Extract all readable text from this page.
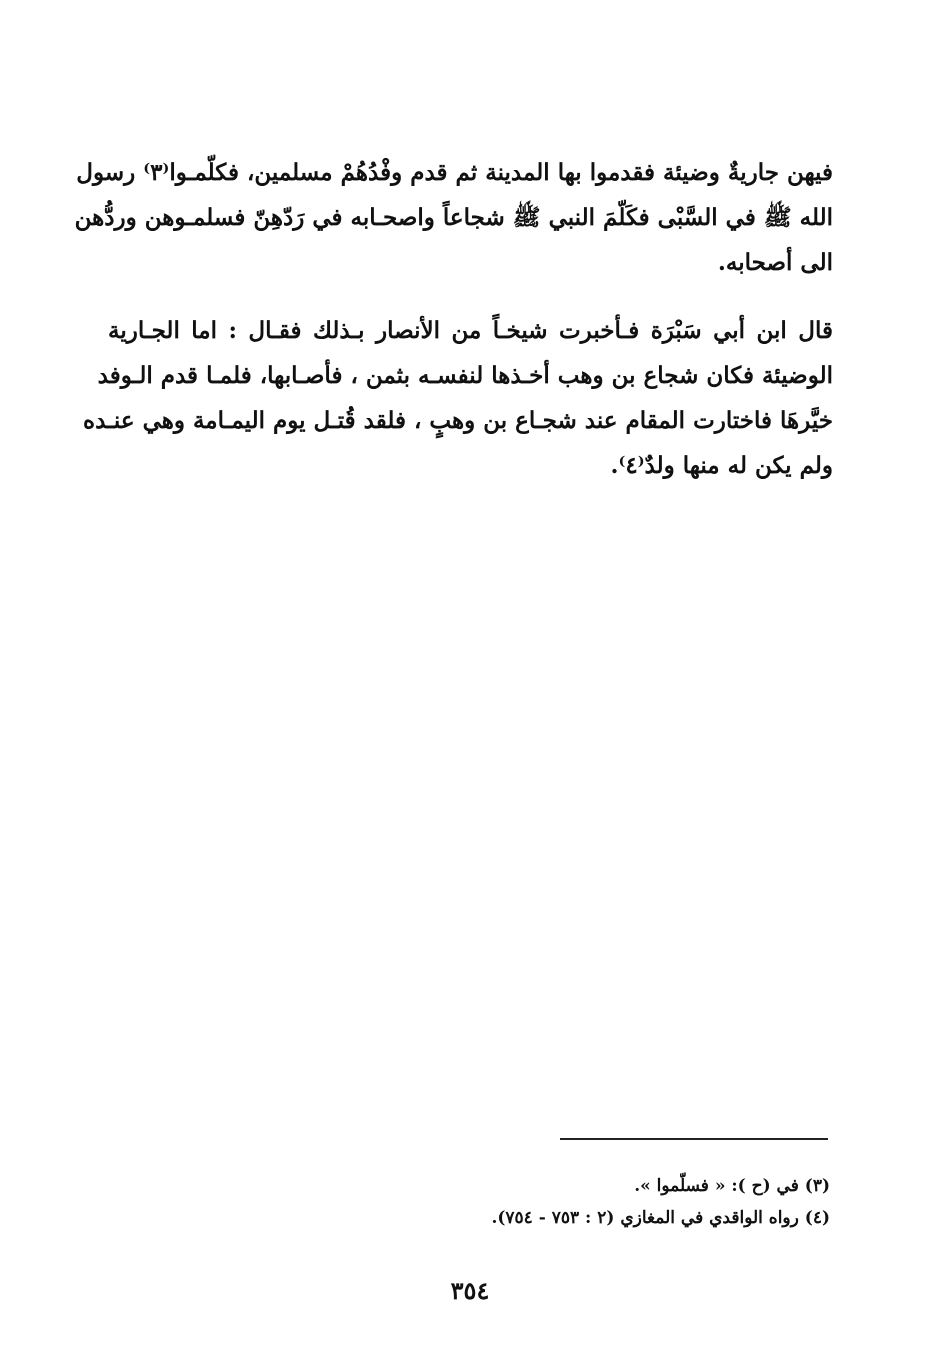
فيهن جاريةٌ وضيئة فقدموا بها المدينة ثم قدم وفْدُهُمْ مسلمين، فكلّمـوا⁽٣⁾ رسول
الله ﷺ في السَّبْى فكَلّمَ النبي ﷺ شجاعاً واصحـابه في رَدّهِنّ فسلمـوهن وردُّهن
الى أصحابه.
قال ابن أبي سَبْرَة فـأخبرت شيخـاً من الأنصار بـذلك فقـال : اما الجـارية
الوضيئة فكان شجاع بن وهب أخـذها لنفسـه بثمن ، فأصـابها، فلمـا قدم الـوفد
خيَّرهَا فاختارت المقام عند شجـاع بن وهبٍ ، فلقد قُتـل يوم اليمـامة وهي عنـده
ولم يكن له منها ولدٌ⁽٤⁾.
(٣) في (ح ): « فسلّموا ».
(٤) رواه الواقدي في المغازي (٢ : ٧٥٣ - ٧٥٤).
٣٥٤
